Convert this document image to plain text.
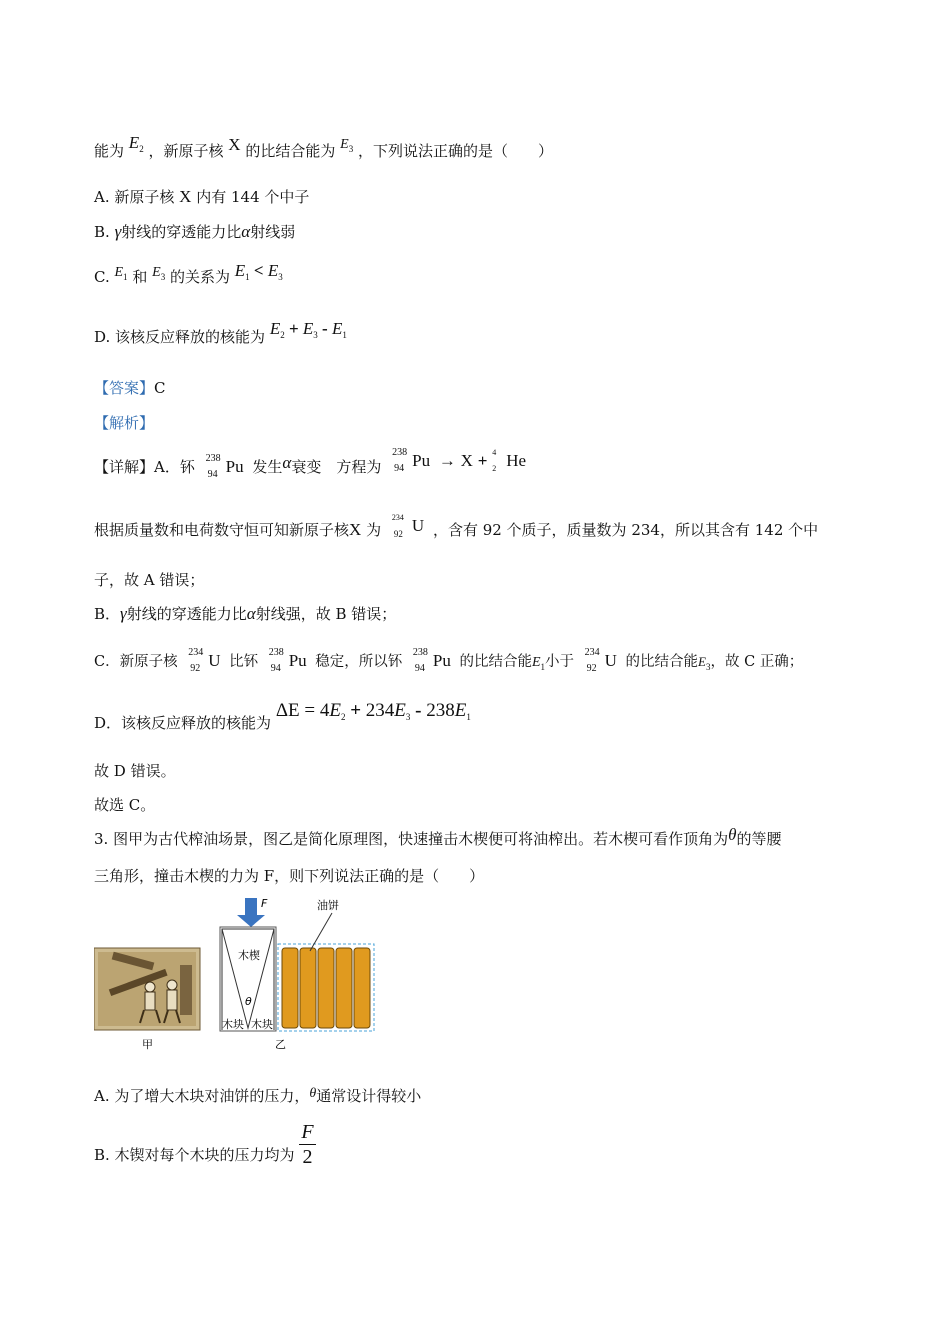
能为 $E_2$ ，新原子核 X 的比结合能为 $E_3$ ，下列说法正确的是（　　）
A. 新原子核 X 内有 144 个中子
B. γ射线的穿透能力比α射线弱
C. $E_1$ 和 $E_3$ 的关系为 $E_1 < E_3$
D. 该核反应释放的核能为 $E_2 + E_3 - E_1$
【答案】C
【解析】
【详解】A．钚 238
94 Pu 发生α衰变　方程为
238
94 Pu → X + 4
2 He
根据质量数和电荷数守恒可知新原子核X 为
234
92 U ，含有 92 个质子，质量数为 234，所以其含有 142 个中
子，故 A 错误；
B．γ射线的穿透能力比α射线强，故 B 错误；
C．新原子核
234
92 U 比钚
238
94 Pu 稳定，所以钚
238
94 Pu 的比结合能$E_1$小于
234
92 U 的比结合能$E_3$，故 C 正确；
D．该核反应释放的核能为 $\Delta E = 4E_2 + 234E_3 - 238E_1$
故 D 错误。
故选 C。
3. 图甲为古代榨油场景，图乙是简化原理图，快速撞击木楔便可将油榨出。若木楔可看作顶角为θ的等腰
三角形，撞击木楔的力为 F，则下列说法正确的是（　　）
甲
F
木楔
θ
木块 木块
油饼
乙
A. 为了增大木块对油饼的压力，θ通常设计得较小
B. 木锲对每个木块的压力均为 $\frac{F}{2}$
